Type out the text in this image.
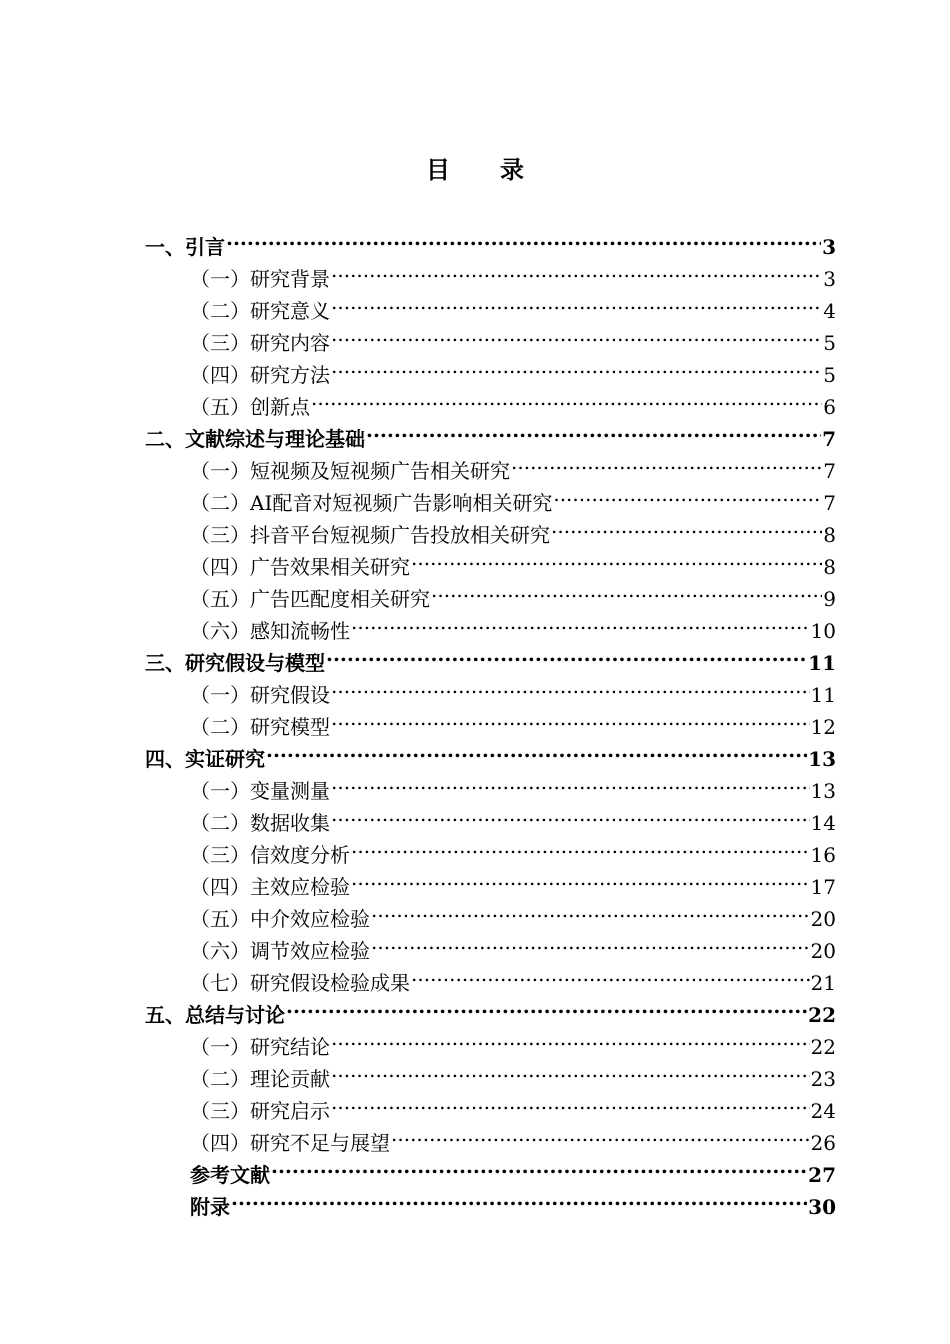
目 录
一、引言 .....	3
（一）研究背景 .....	3
（二）研究意义 .....	4
（三）研究内容 .....	5
（四）研究方法 .....	5
（五）创新点 .....	6
二、文献综述与理论基础 .....	7
（一）短视频及短视频广告相关研究 .....	7
（二）AI配音对短视频广告影响相关研究 .....	7
（三）抖音平台短视频广告投放相关研究 .....	8
（四）广告效果相关研究 .....	8
（五）广告匹配度相关研究 .....	9
（六）感知流畅性 .....	10
三、研究假设与模型 .....	11
（一）研究假设 .....	11
（二）研究模型 .....	12
四、实证研究 .....	13
（一）变量测量 .....	13
（二）数据收集 .....	14
（三）信效度分析 .....	16
（四）主效应检验 .....	17
（五）中介效应检验 .....	20
（六）调节效应检验 .....	20
（七）研究假设检验成果 .....	21
五、总结与讨论 .....	22
（一）研究结论 .....	22
（二）理论贡献 .....	23
（三）研究启示 .....	24
（四）研究不足与展望 .....	26
参考文献 .....	27
附录 .....	30
